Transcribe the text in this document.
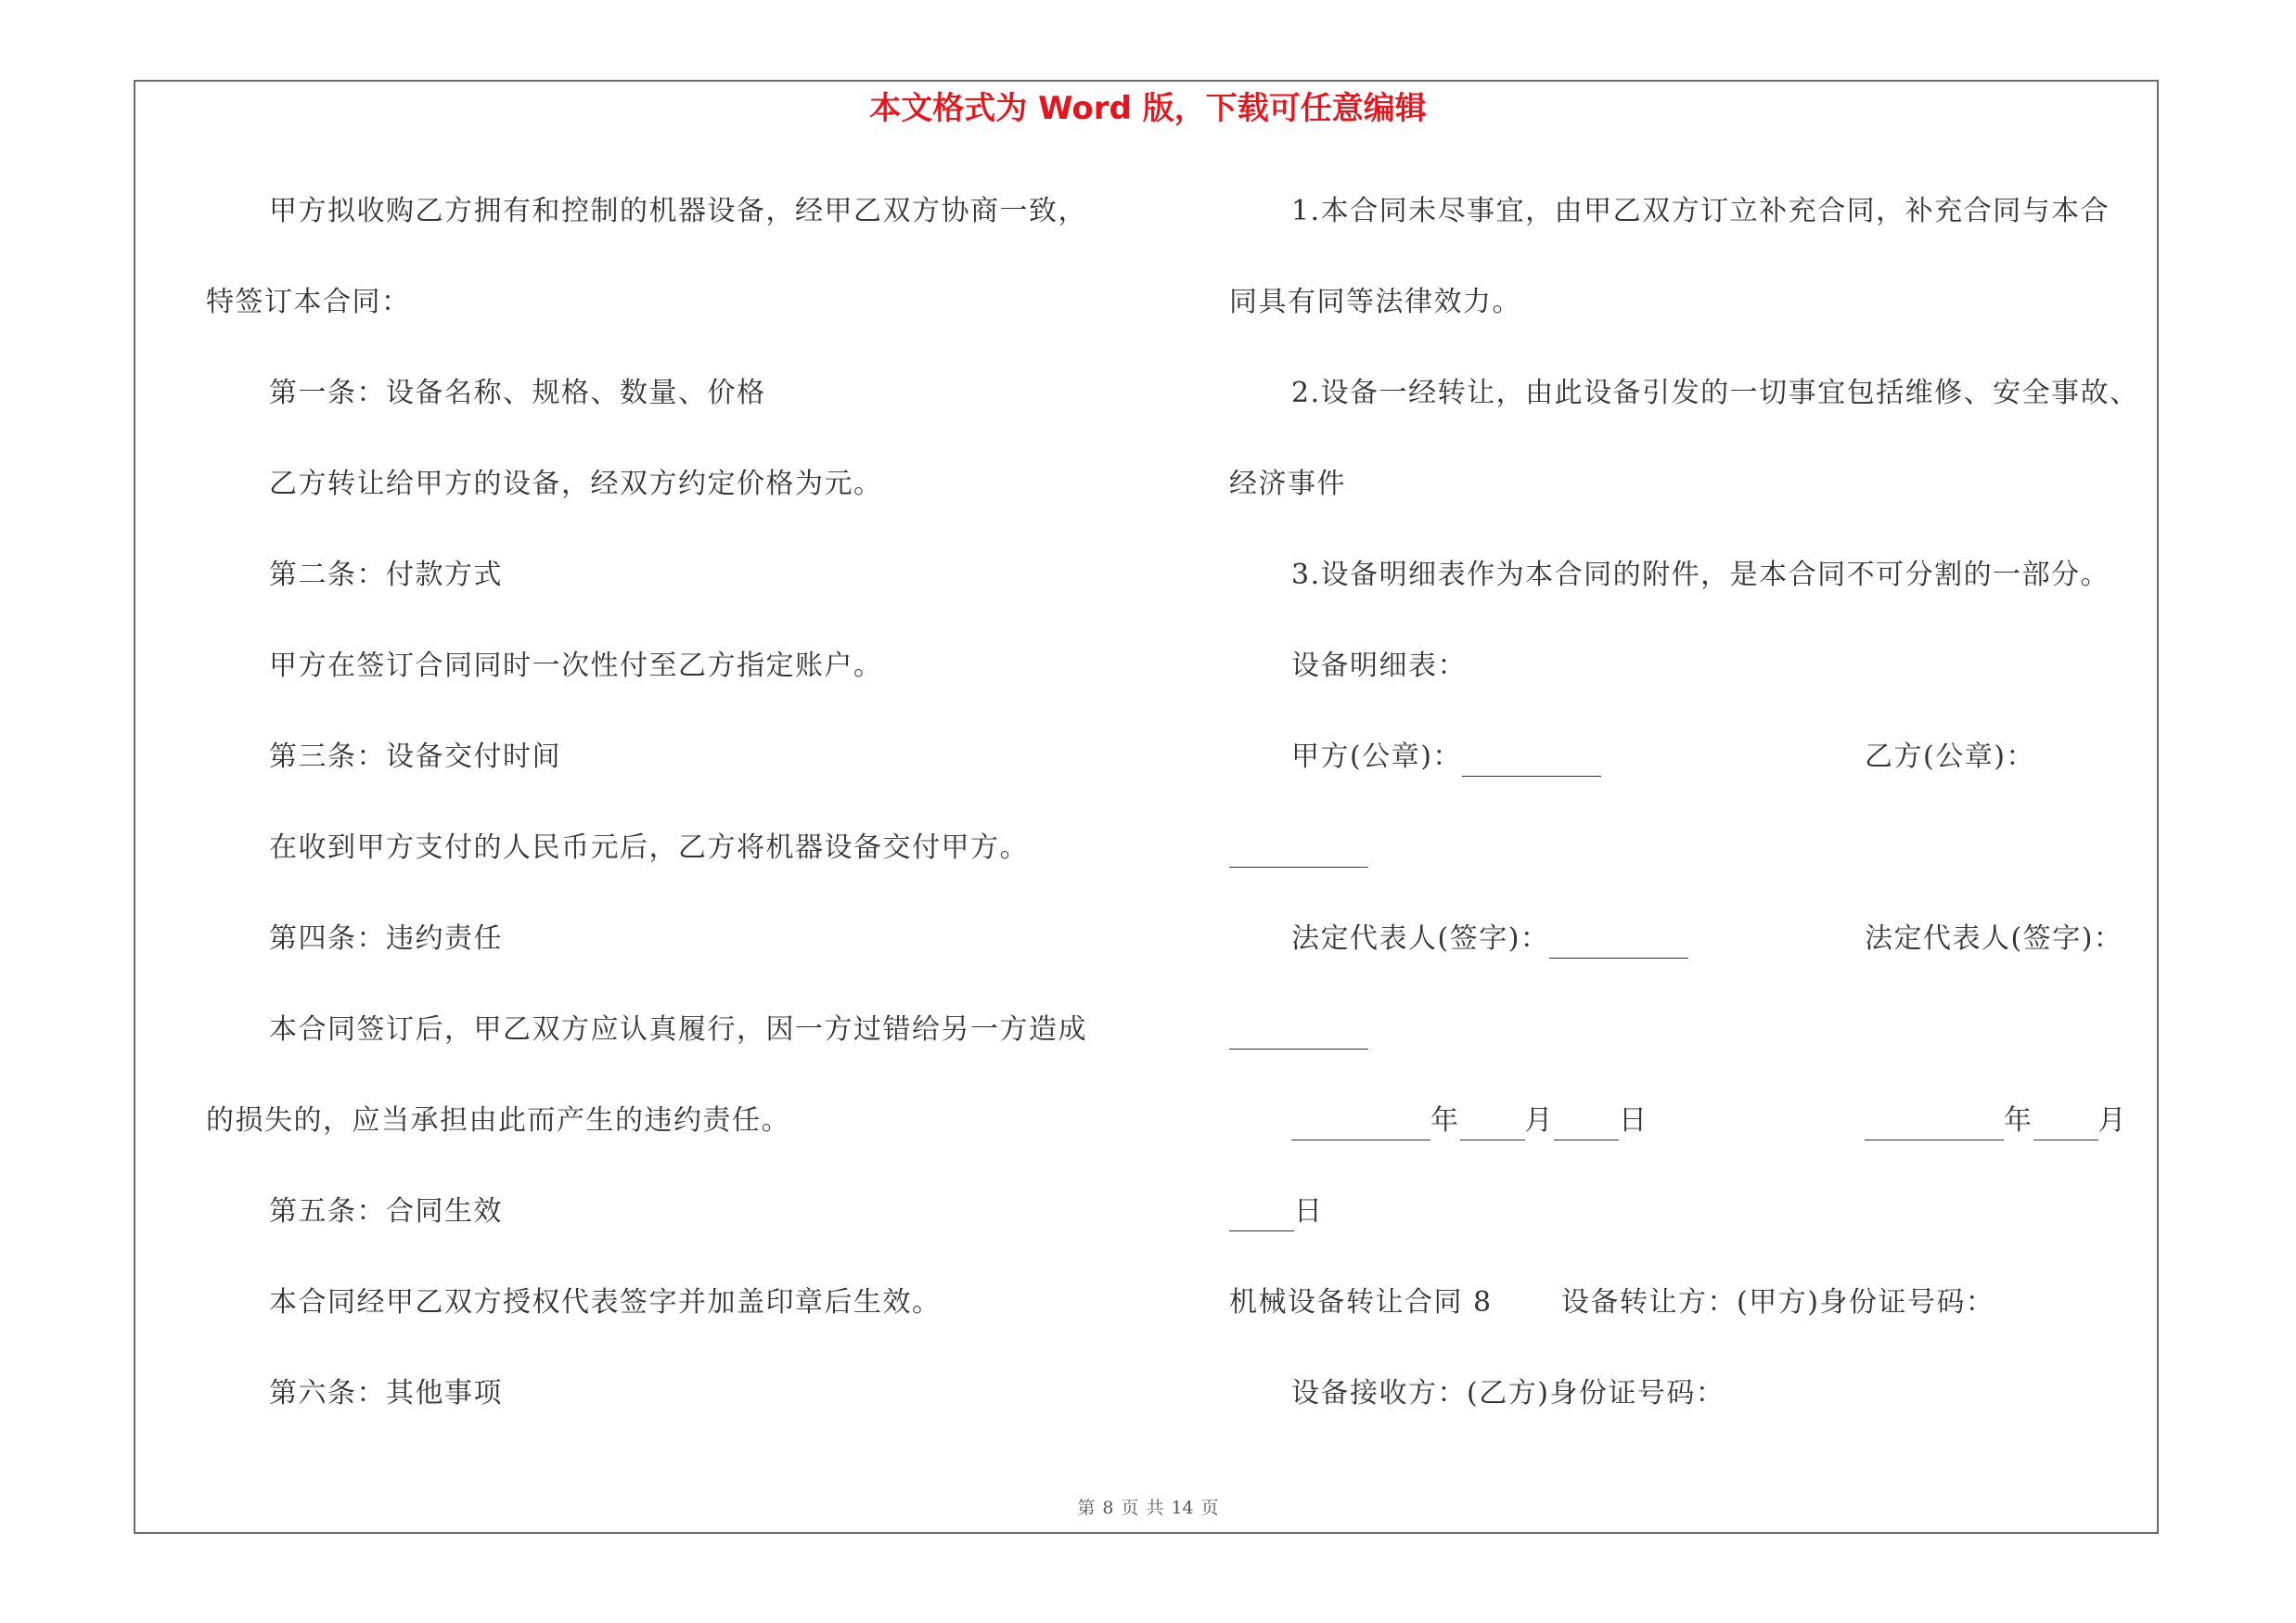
本文格式为 Word 版，下载可任意编辑
甲方拟收购乙方拥有和控制的机器设备，经甲乙双方协商一致，
特签订本合同：
第一条：设备名称、规格、数量、价格
乙方转让给甲方的设备，经双方约定价格为元。
第二条：付款方式
甲方在签订合同同时一次性付至乙方指定账户。
第三条：设备交付时间
在收到甲方支付的人民币元后，乙方将机器设备交付甲方。
第四条：违约责任
本合同签订后，甲乙双方应认真履行，因一方过错给另一方造成
的损失的，应当承担由此而产生的违约责任。
第五条：合同生效
本合同经甲乙双方授权代表签字并加盖印章后生效。
第六条：其他事项
1.本合同未尽事宜，由甲乙双方订立补充合同，补充合同与本合
同具有同等法律效力。
2.设备一经转让，由此设备引发的一切事宜包括维修、安全事故、
经济事件
3.设备明细表作为本合同的附件，是本合同不可分割的一部分。
设备明细表：
甲方(公章)：	乙方(公章)：

法定代表人(签字)：	法定代表人(签字)：

年 月 日	年 月
日
机械设备转让合同 8 设备转让方：(甲方)身份证号码：
设备接收方：(乙方)身份证号码：
第 8 页 共 14 页
